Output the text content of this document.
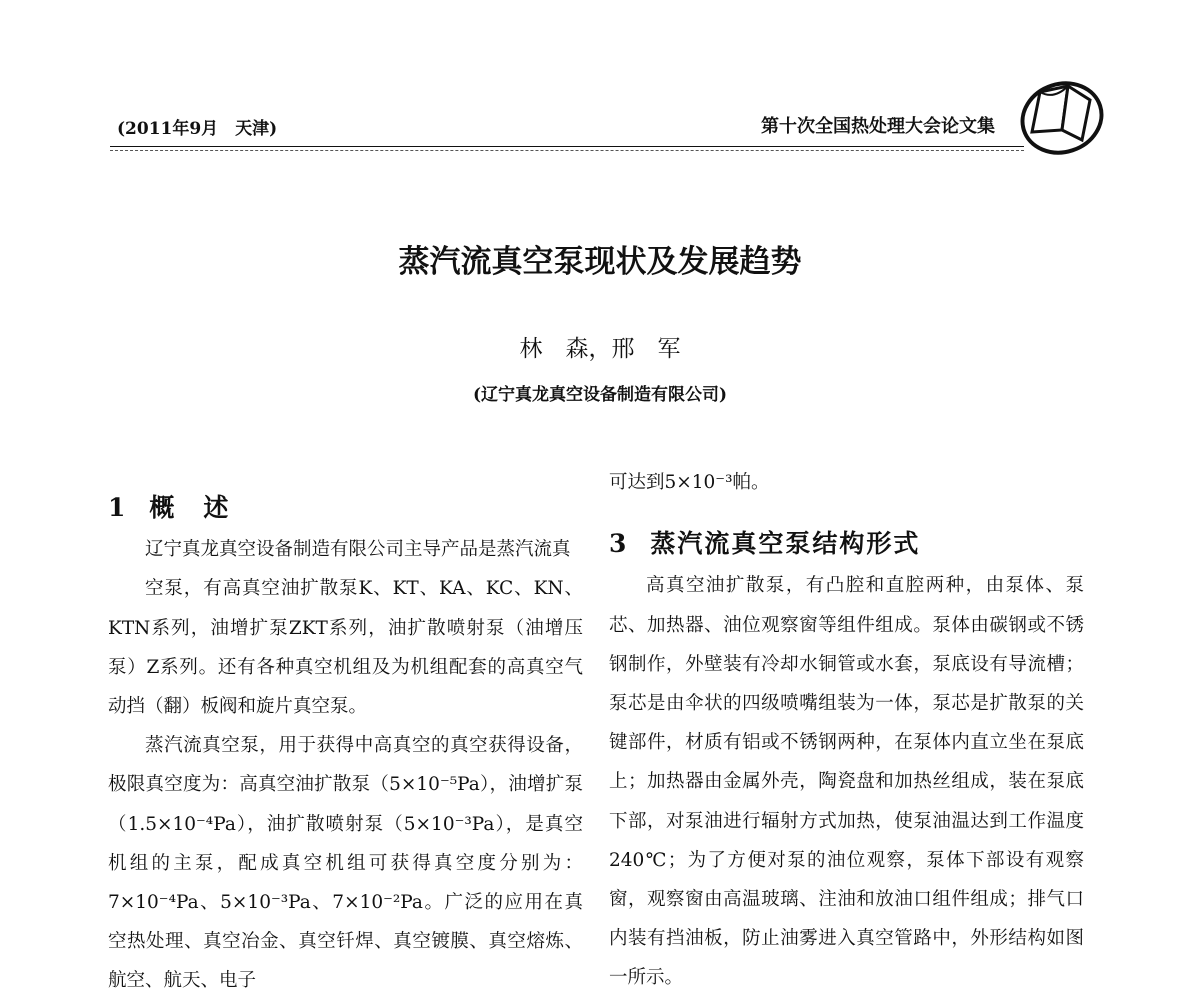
(2011年9月　天津)	第十次全国热处理大会论文集
蒸汽流真空泵现状及发展趋势
林　森，邢　军
(辽宁真龙真空设备制造有限公司)
1 概　述

辽宁真龙真空设备制造有限公司主导产品是蒸汽流真

空泵，有高真空油扩散泵K、KT、KA、KC、KN、KTN系列，油增扩泵ZKT系列，油扩散喷射泵（油增压泵）Z系列。还有各种真空机组及为机组配套的高真空气动挡（翻）板阀和旋片真空泵。

蒸汽流真空泵，用于获得中高真空的真空获得设备，极限真空度为：高真空油扩散泵（5×10⁻⁵Pa），油增扩泵（1.5×10⁻⁴Pa），油扩散喷射泵（5×10⁻³Pa），是真空机组的主泵，配成真空机组可获得真空度分别为：7×10⁻⁴Pa、5×10⁻³Pa、7×10⁻²Pa。广泛的应用在真空热处理、真空冶金、真空钎焊、真空镀膜、真空熔炼、航空、航天、电子

可达到5×10⁻³帕。

3 蒸汽流真空泵结构形式

高真空油扩散泵，有凸腔和直腔两种，由泵体、泵芯、加热器、油位观察窗等组件组成。泵体由碳钢或不锈钢制作，外壁装有冷却水铜管或水套，泵底设有导流槽；泵芯是由伞状的四级喷嘴组装为一体，泵芯是扩散泵的关键部件，材质有铝或不锈钢两种，在泵体内直立坐在泵底上；加热器由金属外壳，陶瓷盘和加热丝组成，装在泵底下部，对泵油进行辐射方式加热，使泵油温达到工作温度240℃；为了方便对泵的油位观察，泵体下部设有观察窗，观察窗由高温玻璃、注油和放油口组件组成；排气口内装有挡油板，防止油雾进入真空管路中，外形结构如图一所示。
